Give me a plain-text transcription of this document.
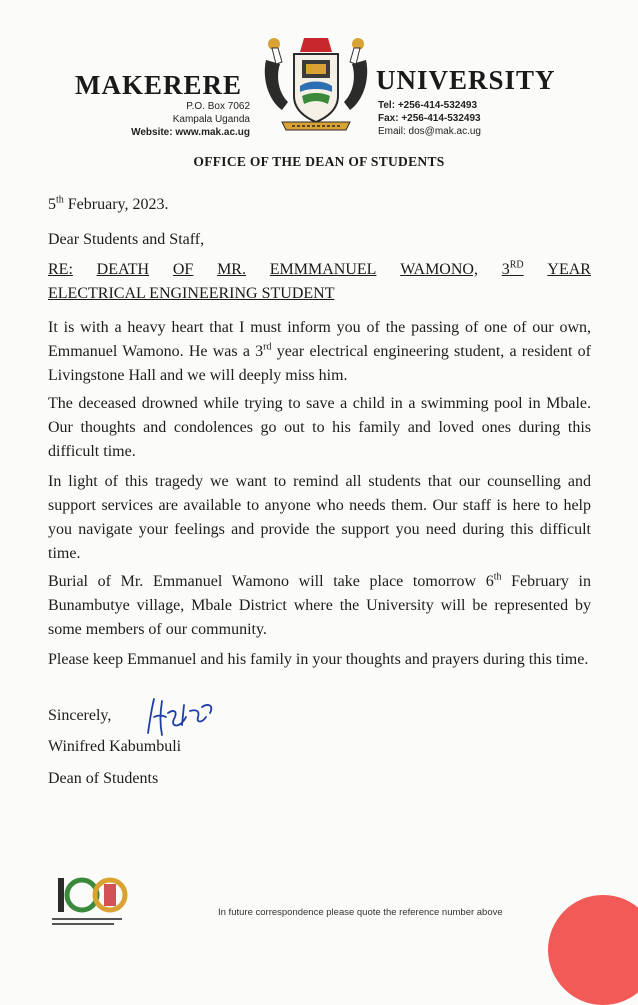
MAKERERE	UNIVERSITY
P.O. Box 7062
Kampala Uganda
Website: www.mak.ac.ug
Tel: +256-414-532493
Fax: +256-414-532493
Email: dos@mak.ac.ug
OFFICE OF THE DEAN OF STUDENTS
5th February, 2023.
Dear Students and Staff,
RE: DEATH OF MR. EMMMANUEL WAMONO, 3RD YEAR
ELECTRICAL ENGINEERING STUDENT
It is with a heavy heart that I must inform you of the passing of one of our own, Emmanuel Wamono. He was a 3rd year electrical engineering student, a resident of Livingstone Hall and we will deeply miss him.
The deceased drowned while trying to save a child in a swimming pool in Mbale. Our thoughts and condolences go out to his family and loved ones during this difficult time.
In light of this tragedy we want to remind all students that our counselling and support services are available to anyone who needs them. Our staff is here to help you navigate your feelings and provide the support you need during this difficult time.
Burial of Mr. Emmanuel Wamono will take place tomorrow 6th February in Bunambutye village, Mbale District where the University will be represented by some members of our community.
Please keep Emmanuel and his family in your thoughts and prayers during this time.
Sincerely,
Winifred Kabumbuli
Dean of Students
In future correspondence please quote the reference number above
